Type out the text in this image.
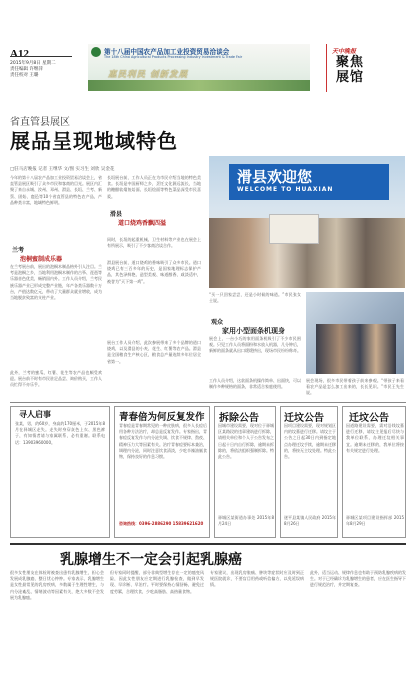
A12
2015年9月8日 星期二
责任编辑 许继萍
责任校对 王璐
第十八届中国农产品加工业投资贸易洽谈会
The 18th China Agricultural Products Processing Industry Investment & Trade Fair
惠民利民 创新发展
天中晚报
聚焦展馆
省直管县展区
展品呈现地域特色
□驻马店晚报 记者 王继华 文/图 实习生 刘欣 吴金花
今年的第十八届农产品加工业投资贸易洽谈会上，省直管县展区吸引了众多市民和客商的目光。展区内汇聚了来自永城、汝州、邓州、滑县、长垣、兰考、新蔡、固始、鹿邑等10个省直管县的特色农产品，产品种类丰富，地域特色鲜明。
兰考
泡桐蜜制成乐器
在兰考展台前，展出的泡桐木制品格外引人注目。兰考是泡桐之乡，当地利用泡桐木制作的古筝、琵琶等乐器音色优美，畅销国内外。工作人员介绍，兰考民族乐器产业已形成完整产业链，年产各类乐器数十万台，产值达数亿元，带动了大量群众就业增收，成为当地脱贫致富的支柱产业。
此外，兰考的蜜瓜、红薯、花生等农产品也颇受欢迎。展台前不时有市民驻足品尝、询价购买，工作人员忙得不亦乐乎。
长垣展台前，工作人员正在为市民介绍当地的特色美食。长垣是中国厨师之乡，烹饪文化源远流长，当地的糖醋软熘鱼焙面、长垣烩面等特色菜品深受市民喜爱。
同时，长垣的起重机械、卫生材料等产业也在展会上有所展示，吸引了不少客商洽谈合作。
滑县
道口烧鸡香飘四溢
滑县展台前，道口烧鸡的香味吸引了众多市民。道口烧鸡已有三百多年的历史，是国家地理标志保护产品，其色泽鲜艳、造型美观、味道醇香、咸淡适中，被誉为“天下第一鸡”。
展台工作人员介绍，此次参展带来了多个品牌的道口烧鸡，以及滑县的小麦、花生、红薯等农产品。滑县是全国粮食生产核心区，粮食总产量连续多年位居全省第一。
滑县欢迎您
WELCOME TO HUAXIAN
“买一只回家尝尝，还是小时候的味道。”市民张女士说。
观众
家用小型面条机现身
展会上，一台小巧的家用面条机吸引了不少市民围观。只见工作人员将面粉和水放入机器，几分钟后，新鲜的面条就从出口缓缓挤出，现场市民纷纷称奇。
工作人员介绍，这款面条机操作简单、出面快，可以制作多种规格的面条，非常适合家庭使用。
展会现场，很多市民带着孩子前来参观。“带孩子来看看农产品是怎么加工出来的，长长见识。”市民王先生说。
寻人启事
张某，男，约60岁，身高约170厘米，于2015年8月在驿城区走失。走失时身穿灰色上衣、黑色裤子，有知情者请与家属联系，必有重谢。联系电话：13903960000。
青春倍为何反复发作
青春痘是青春期常见的一种皮肤病，很多人长痘后用各种方法治疗，却总是反复发作。专家指出，青春痘反复发作与内分泌失调、饮食不规律、熬夜、精神压力大等因素有关。治疗青春痘要标本兼治，调理内分泌，同时注意饮食清淡，少吃辛辣油腻食物，保持良好的作息习惯。
咨询热线：0396-2886290 15839621620
拆除公告
因城市建设需要，现对位于驿城区某路段的违章建筑进行拆除，请相关单位和个人于公告发布之日起十日内自行拆除，逾期未拆除的，将依法组织强制拆除。特此公告。
驿城区某街道办事处 2015年8月24日
迁坟公告
因项目建设需要，现对规划区内的坟墓进行迁移。请坟主于公告之日起30日内到指定地点办理迁坟手续，逾期未迁移的，将按无主坟处理。特此公告。
遂平县某镇人民政府 2015年8月26日
迁坟公告
因道路建设需要，需对沿线坟墓进行迁移，请坟主见报后尽快与我单位联系，办理迁坟相关事宜。逾期未迁移的，我单位将按有关规定进行处理。
驿城区某项目建设指挥部 2015年8月29日
乳腺增生不一定会引起乳腺癌
很多女性朋友在体检时被查出患有乳腺增生，担心会发展成乳腺癌，整日忧心忡忡。专家表示，乳腺增生是女性最常见的乳房疾病，多数属于生理性增生，与内分泌紊乱、情绪波动等因素有关，绝大多数不会发展为乳腺癌。
但专家同时提醒，部分非典型增生存在一定的癌变风险，因此女性朋友应定期进行乳腺检查，做到早发现、早诊断、早治疗。平时要保持心情舒畅，避免过度劳累，合理饮食，少吃高脂肪、高热量食物。
专家建议，出现乳房胀痛、肿块等症状时应及时到正规医院就诊，不要盲目用药或听信偏方，以免延误病情。
此外，适当运动、规律作息也有助于预防乳腺疾病的发生。对于已经确诊为乳腺增生的患者，应在医生指导下进行规范治疗，并定期复查。
